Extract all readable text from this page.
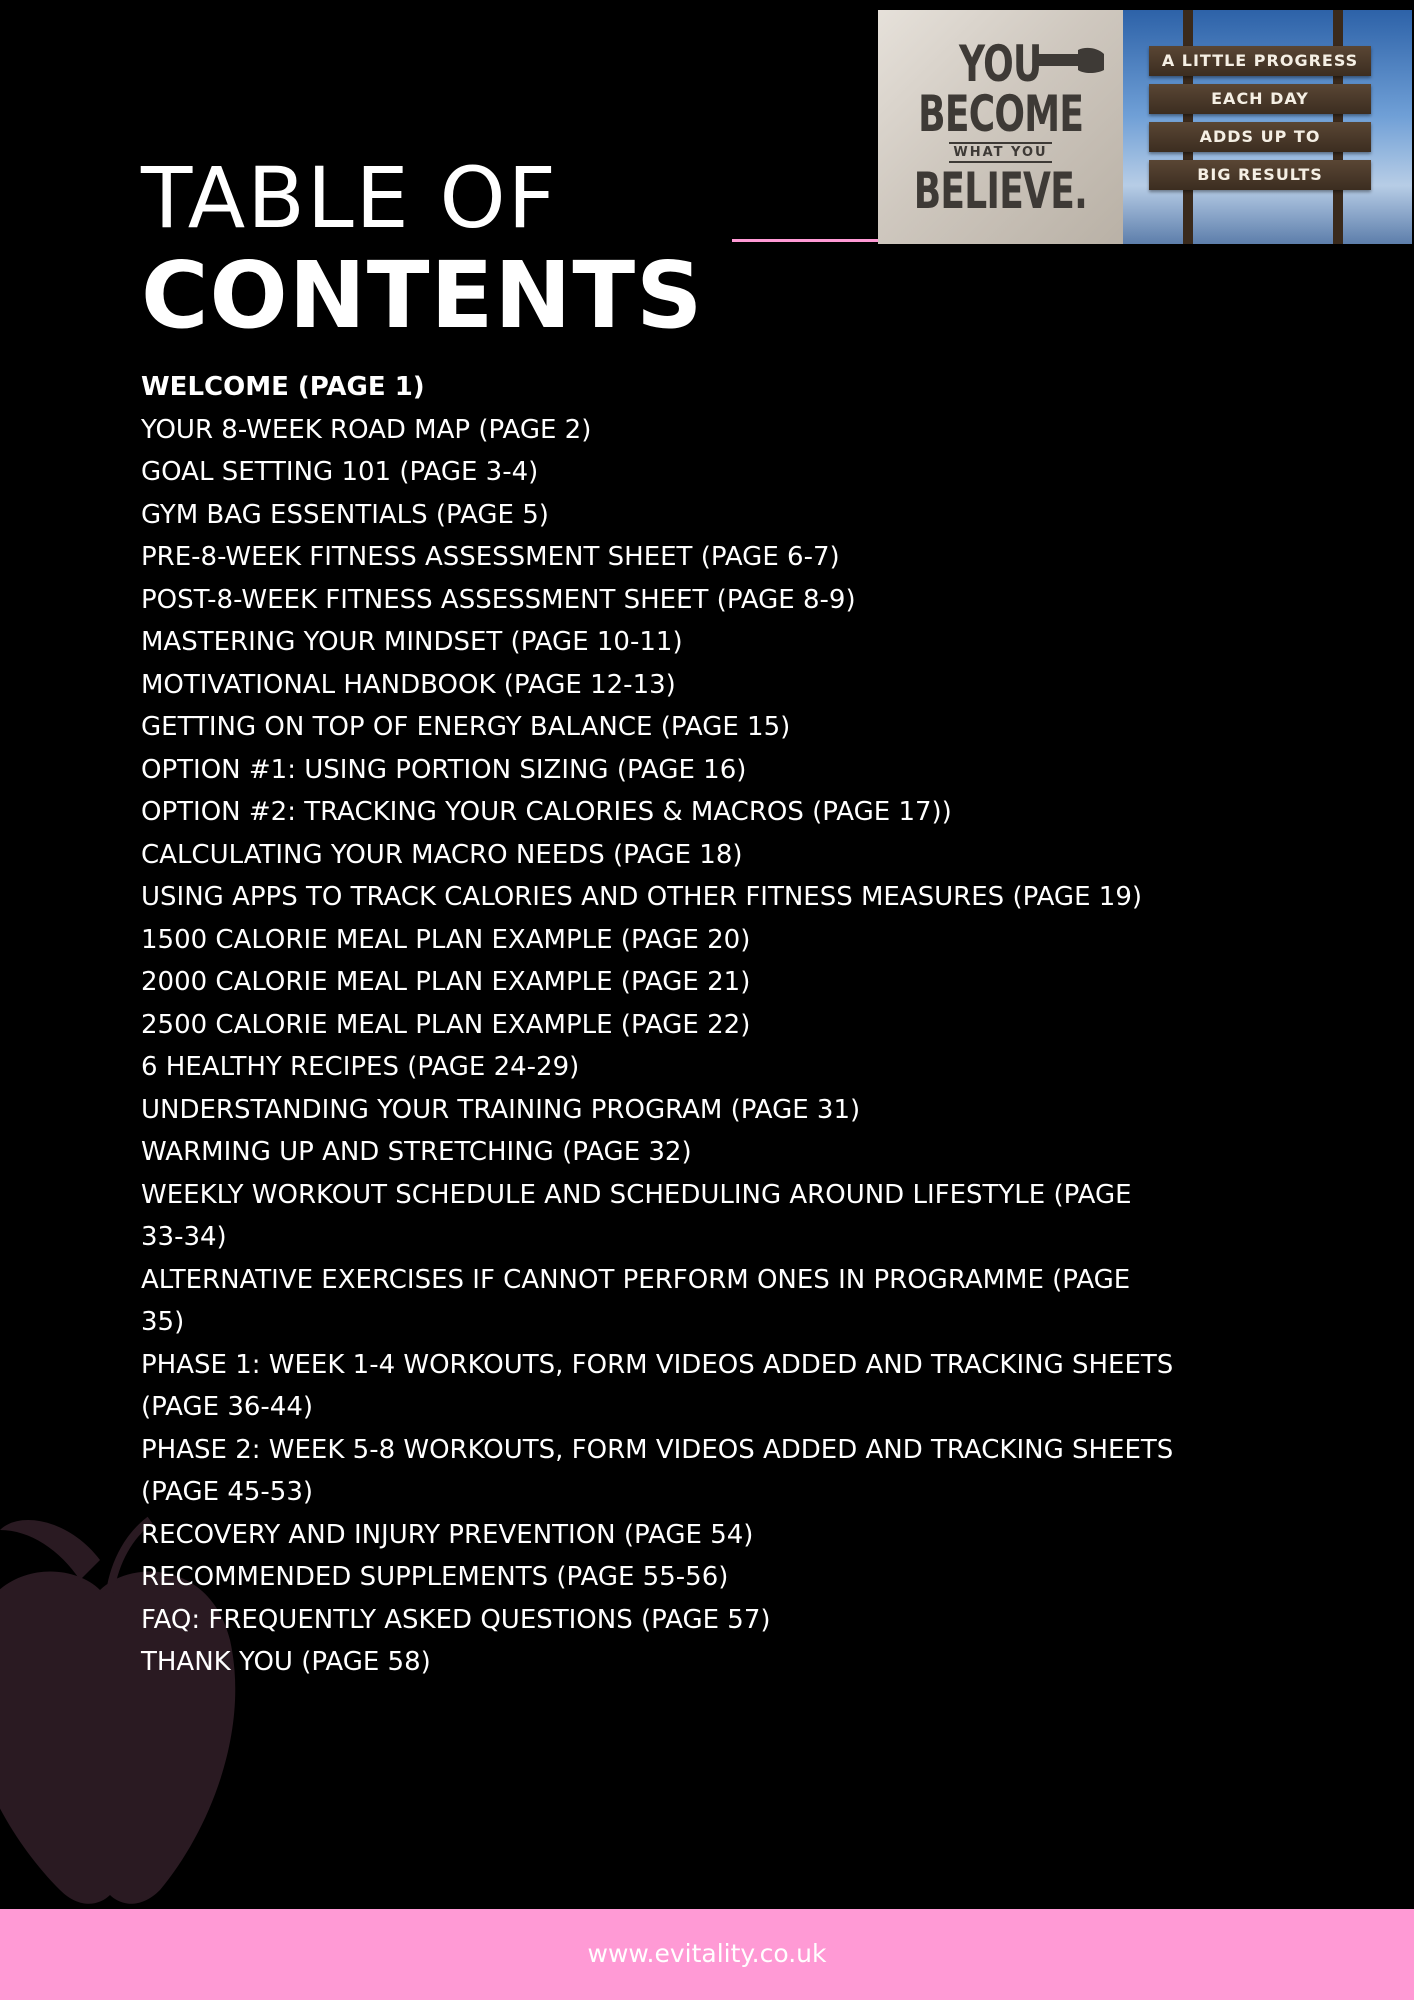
YOU
BECOME
WHAT YOU
BELIEVE.
A LITTLE PROGRESS
EACH DAY
ADDS UP TO
BIG RESULTS
TABLE OF
CONTENTS
WELCOME (PAGE 1)
YOUR 8-WEEK ROAD MAP (PAGE 2)
GOAL SETTING 101 (PAGE 3-4)
GYM BAG ESSENTIALS (PAGE 5)
PRE-8-WEEK FITNESS ASSESSMENT SHEET (PAGE 6-7)
POST-8-WEEK FITNESS ASSESSMENT SHEET (PAGE 8-9)
MASTERING YOUR MINDSET (PAGE 10-11)
MOTIVATIONAL HANDBOOK (PAGE 12-13)
GETTING ON TOP OF ENERGY BALANCE (PAGE 15)
OPTION #1: USING PORTION SIZING (PAGE 16)
OPTION #2: TRACKING YOUR CALORIES & MACROS (PAGE 17))
CALCULATING YOUR MACRO NEEDS (PAGE 18)
USING APPS TO TRACK CALORIES AND OTHER FITNESS MEASURES (PAGE 19)
1500 CALORIE MEAL PLAN EXAMPLE (PAGE 20)
2000 CALORIE MEAL PLAN EXAMPLE (PAGE 21)
2500 CALORIE MEAL PLAN EXAMPLE (PAGE 22)
6 HEALTHY RECIPES (PAGE 24-29)
UNDERSTANDING YOUR TRAINING PROGRAM (PAGE 31)
WARMING UP AND STRETCHING (PAGE 32)
WEEKLY WORKOUT SCHEDULE AND SCHEDULING AROUND LIFESTYLE (PAGE
33-34)
ALTERNATIVE EXERCISES IF CANNOT PERFORM ONES IN PROGRAMME (PAGE
35)
PHASE 1: WEEK 1-4 WORKOUTS, FORM VIDEOS ADDED AND TRACKING SHEETS
(PAGE 36-44)
PHASE 2: WEEK 5-8 WORKOUTS, FORM VIDEOS ADDED AND TRACKING SHEETS
(PAGE 45-53)
RECOVERY AND INJURY PREVENTION (PAGE 54)
RECOMMENDED SUPPLEMENTS (PAGE 55-56)
FAQ: FREQUENTLY ASKED QUESTIONS (PAGE 57)
THANK YOU (PAGE 58)
www.evitality.co.uk
